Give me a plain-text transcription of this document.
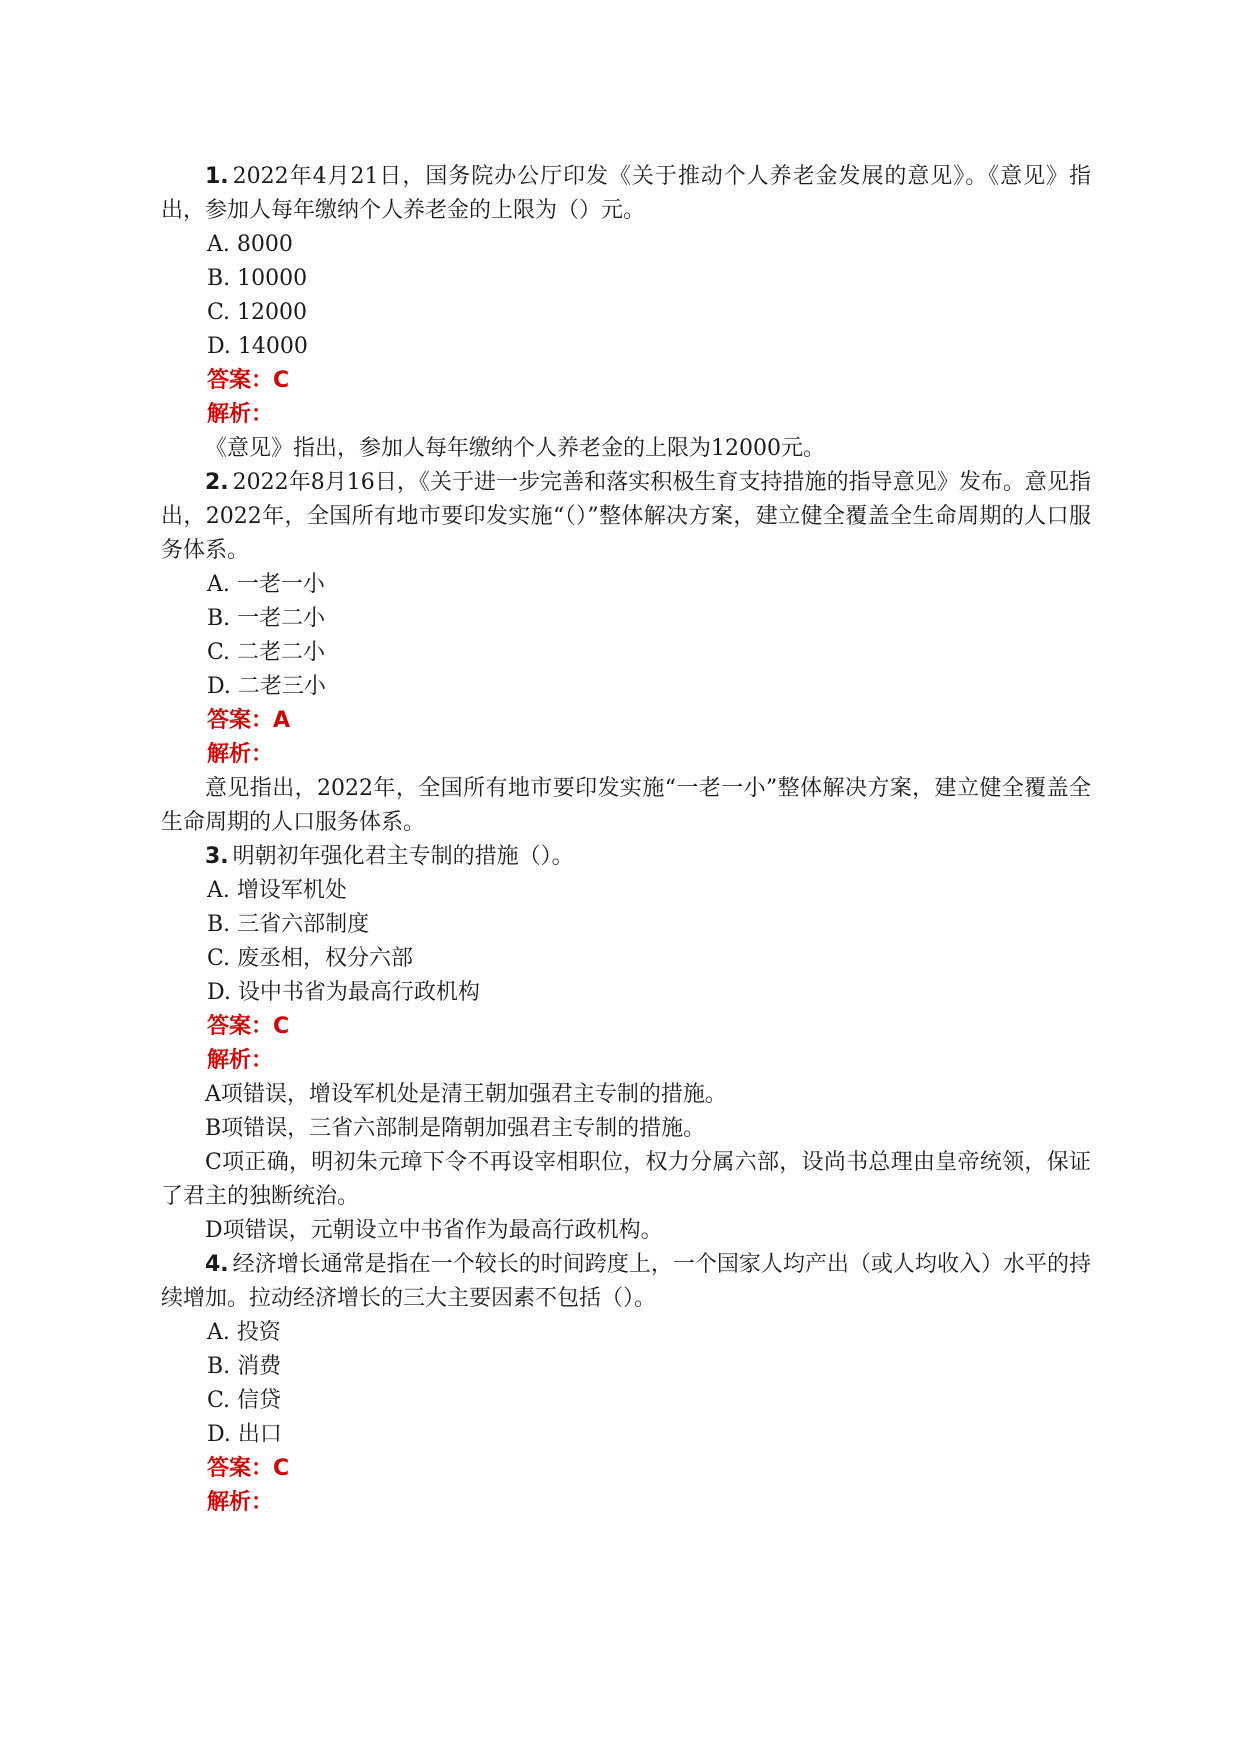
1. 2022年4月21日，国务院办公厅印发《关于推动个人养老金发展的意见》。《意见》指出，参加人每年缴纳个人养老金的上限为（）元。

A. 8000

B. 10000

C. 12000

D. 14000

答案：C

解析：

《意见》指出，参加人每年缴纳个人养老金的上限为12000元。

2. 2022年8月16日，《关于进一步完善和落实积极生育支持措施的指导意见》发布。意见指出，2022年，全国所有地市要印发实施“（）”整体解决方案，建立健全覆盖全生命周期的人口服务体系。

A. 一老一小

B. 一老二小

C. 二老二小

D. 二老三小

答案：A

解析：

意见指出，2022年，全国所有地市要印发实施“一老一小”整体解决方案，建立健全覆盖全生命周期的人口服务体系。

3. 明朝初年强化君主专制的措施（）。

A. 增设军机处

B. 三省六部制度

C. 废丞相，权分六部

D. 设中书省为最高行政机构

答案：C

解析：

A项错误，增设军机处是清王朝加强君主专制的措施。

B项错误，三省六部制是隋朝加强君主专制的措施。

C项正确，明初朱元璋下令不再设宰相职位，权力分属六部，设尚书总理由皇帝统领，保证了君主的独断统治。

D项错误，元朝设立中书省作为最高行政机构。

4. 经济增长通常是指在一个较长的时间跨度上，一个国家人均产出（或人均收入）水平的持续增加。拉动经济增长的三大主要因素不包括（）。

A. 投资

B. 消费

C. 信贷

D. 出口

答案：C

解析：
